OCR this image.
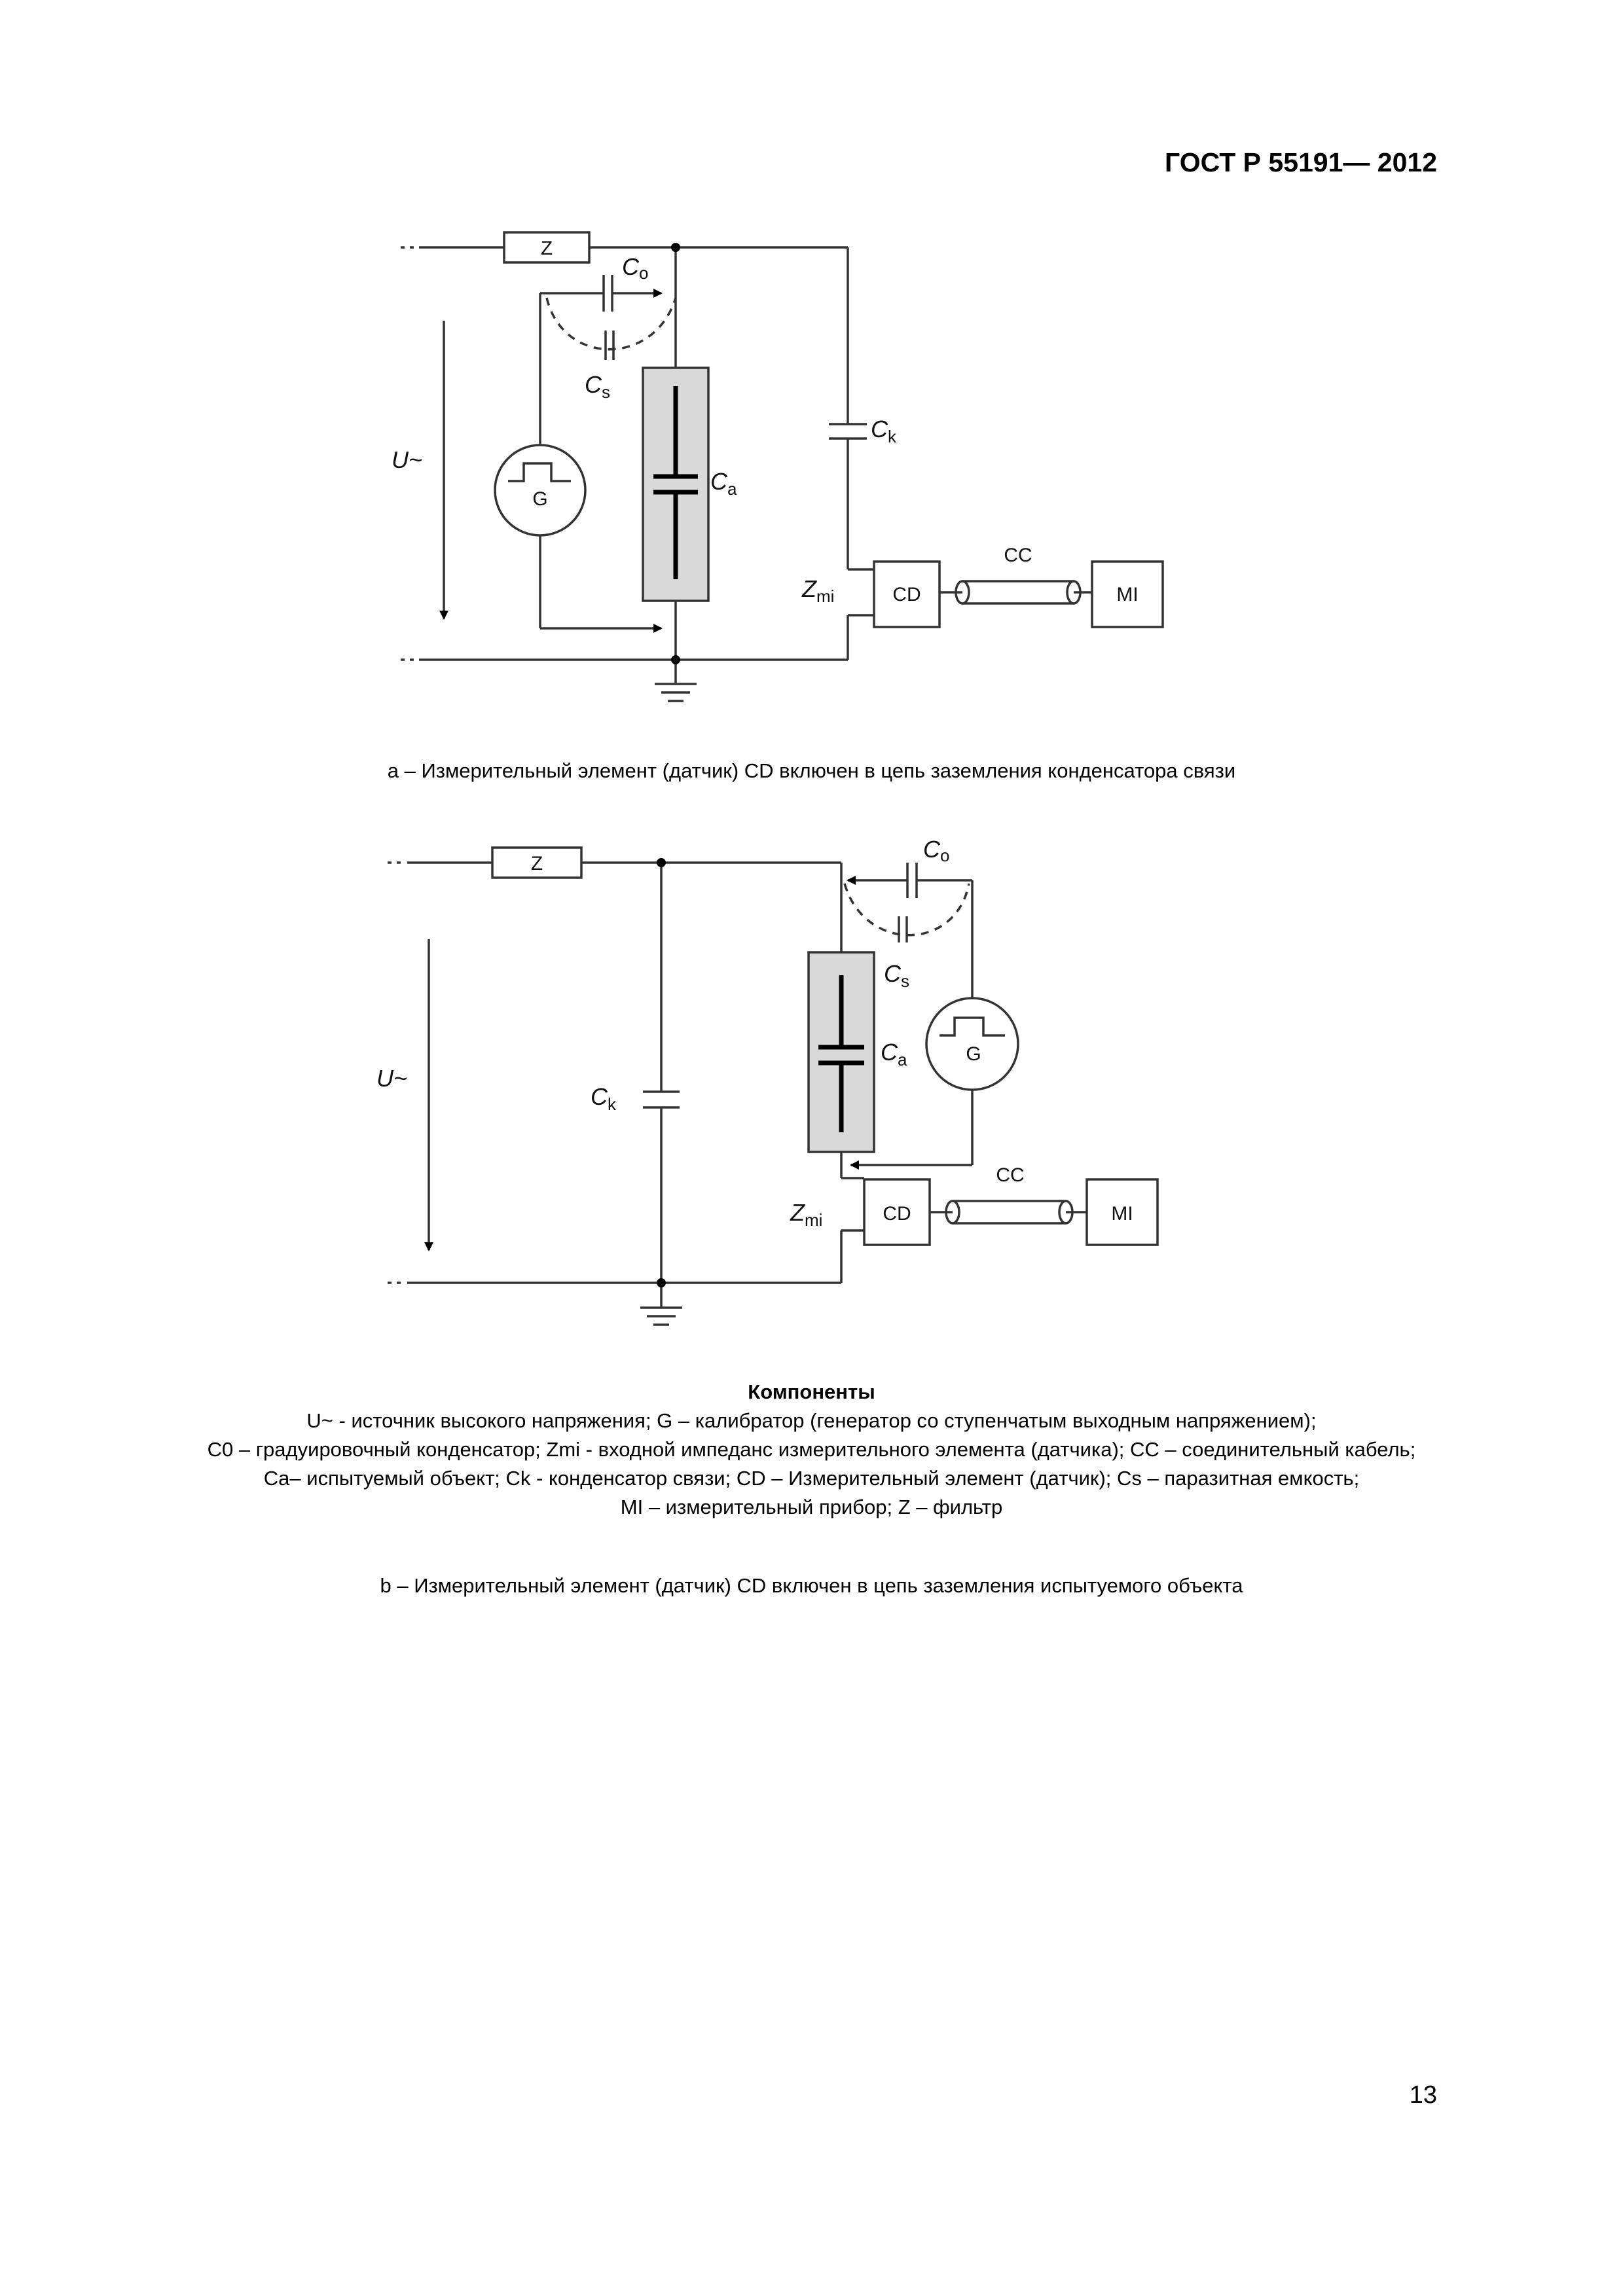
ГОСТ Р 55191— 2012
Z
G
CD	MI
CC
Co
$C_s$
$C_k$
$C_a$
$Z_{mi}$
U~
a – Измерительный элемент (датчик) CD включен в цепь заземления конденсатора связи
Z
G
CD	MI
CC
Co
$C_s$
$C_a$
$C_k$
$Z_{mi}$
U~
Компоненты
U~ - источник высокого напряжения; G – калибратор (генератор со ступенчатым выходным напряжением);
C0 – градуировочный конденсатор; Zmi - входной импеданс измерительного элемента (датчика); CC – соединительный кабель;
Ca– испытуемый объект; Ck - конденсатор связи; CD – Измерительный элемент (датчик); Cs – паразитная емкость;
MI – измерительный прибор; Z – фильтр
b – Измерительный элемент (датчик) CD включен в цепь заземления испытуемого объекта
13
